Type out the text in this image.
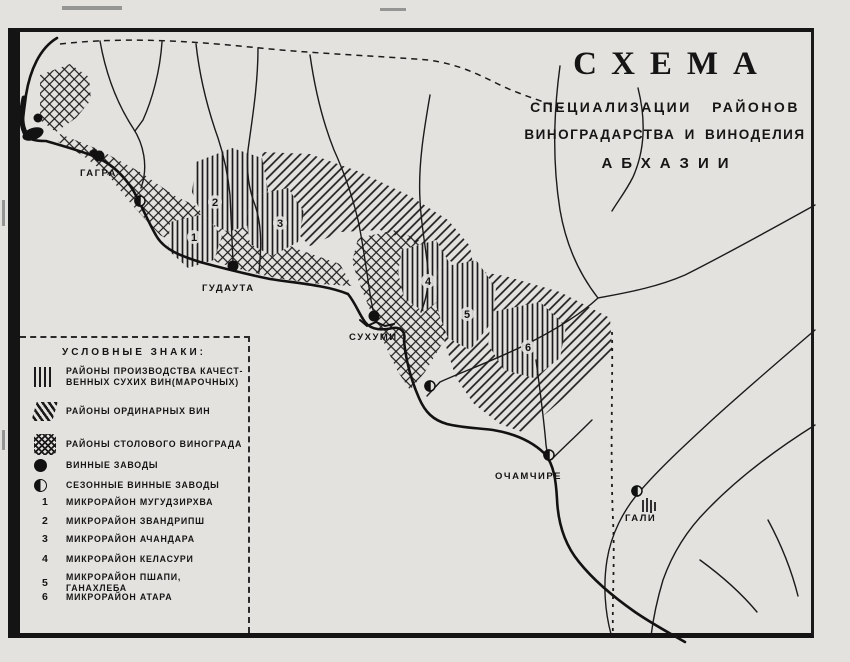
1
2
3
4
5
6
ГАГРА
ГУДАУТА
СУХУМИ
ОЧАМЧИРЕ
ГАЛИ
СХЕМА
СПЕЦИАЛИЗАЦИИ РАЙОНОВ
ВИНОГРАДАРСТВА И ВИНОДЕЛИЯ
АБХАЗИИ
УСЛОВНЫЕ ЗНАКИ:
РАЙОНЫ ПРОИЗВОДСТВА КАЧЕСТ-
ВЕННЫХ СУХИХ ВИН(МАРОЧНЫХ)
РАЙОНЫ ОРДИНАРНЫХ ВИН
РАЙОНЫ СТОЛОВОГО ВИНОГРАДА
ВИННЫЕ ЗАВОДЫ
СЕЗОННЫЕ ВИННЫЕ ЗАВОДЫ
1	МИКРОРАЙОН МУГУДЗИРХВА
2	МИКРОРАЙОН ЗВАНДРИПШ
3	МИКРОРАЙОН АЧАНДАРА
4	МИКРОРАЙОН КЕЛАСУРИ
5	МИКРОРАЙОН ПШАПИ, ГАНАХЛЕБА
6	МИКРОРАЙОН АТАРА
